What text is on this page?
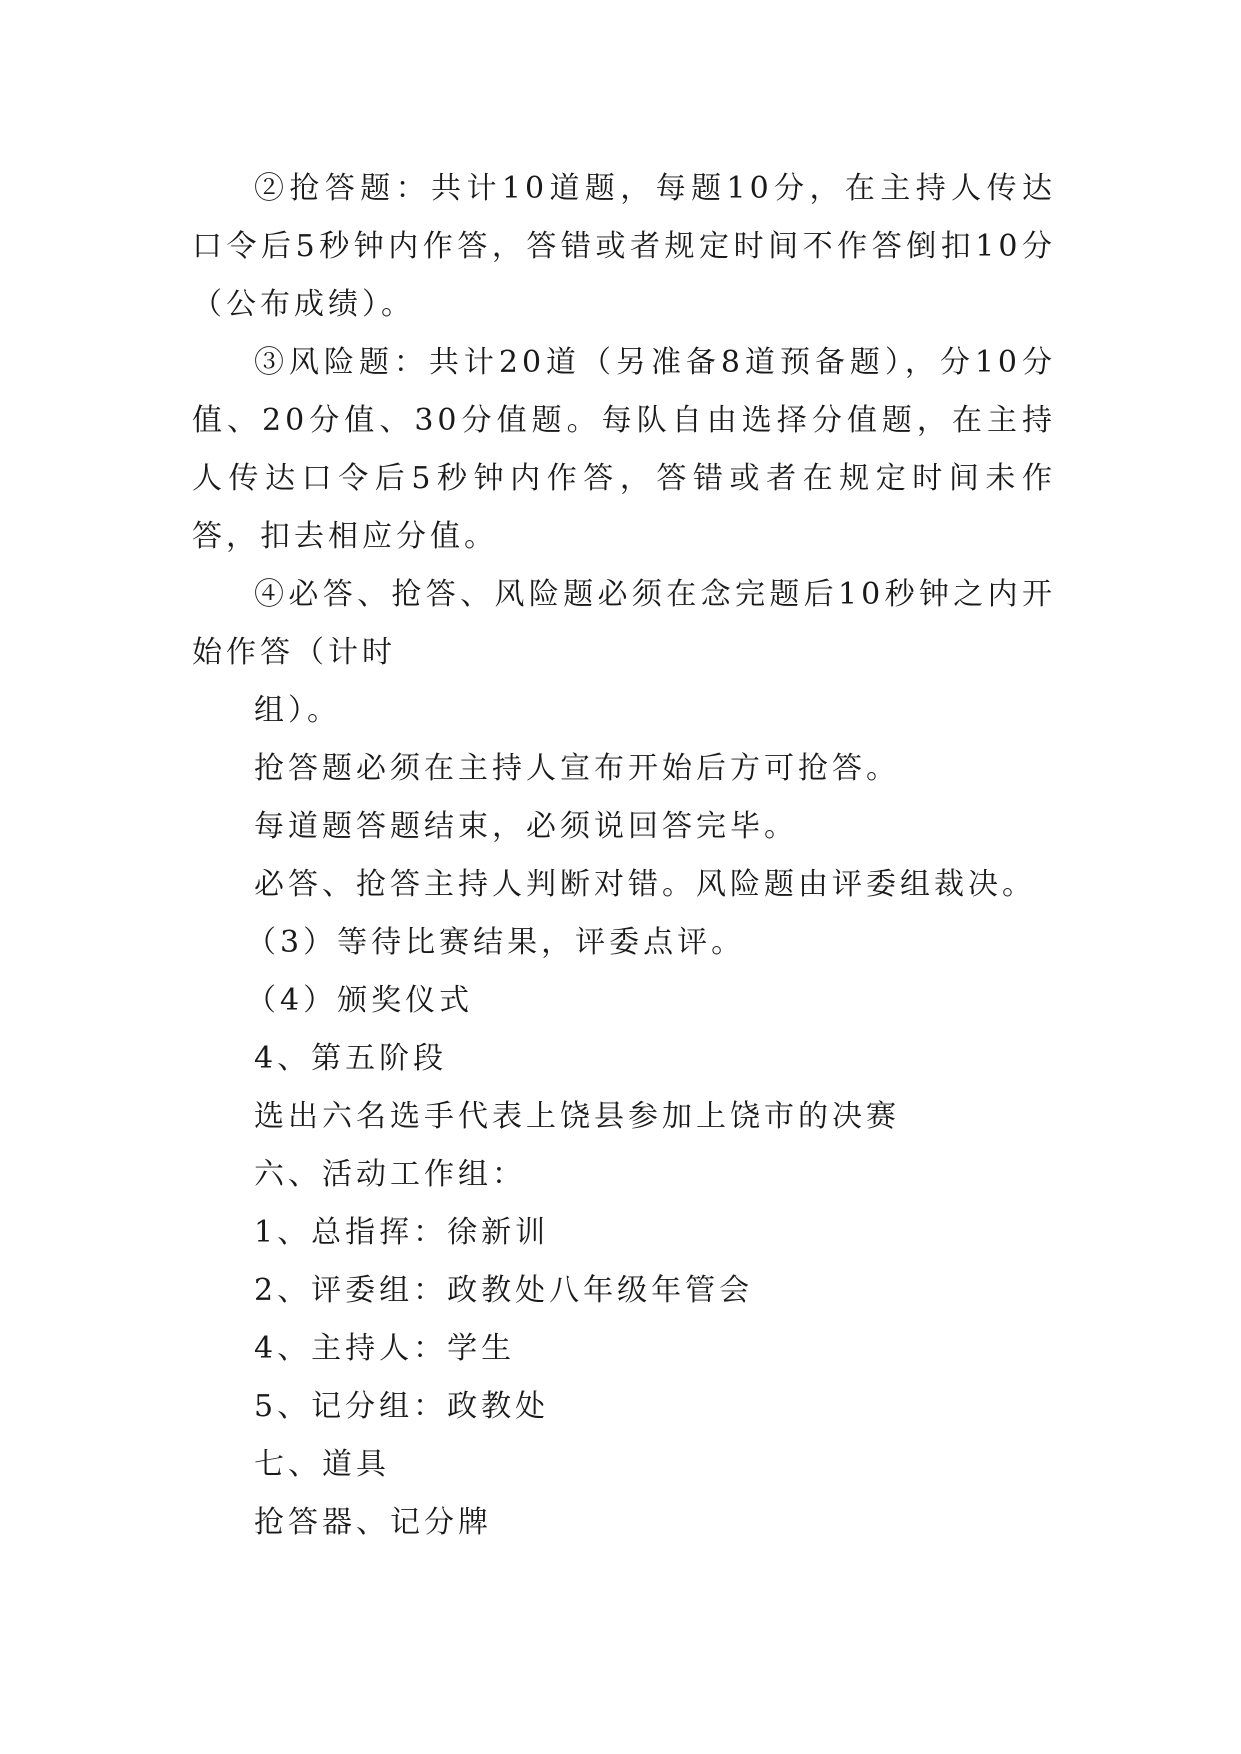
②抢答题：共计10道题，每题10分，在主持人传达口令后5秒钟内作答，答错或者规定时间不作答倒扣10分（公布成绩）。

③风险题：共计20道（另准备8道预备题），分10分值、20分值、30分值题。每队自由选择分值题，在主持人传达口令后5秒钟内作答，答错或者在规定时间未作答，扣去相应分值。

④必答、抢答、风险题必须在念完题后10秒钟之内开始作答（计时

组）。

抢答题必须在主持人宣布开始后方可抢答。

每道题答题结束，必须说回答完毕。

必答、抢答主持人判断对错。风险题由评委组裁决。

（3）等待比赛结果，评委点评。

（4）颁奖仪式

4、第五阶段

选出六名选手代表上饶县参加上饶市的决赛

六、活动工作组：

1、总指挥：徐新训

2、评委组：政教处八年级年管会

4、主持人：学生

5、记分组：政教处

七、道具

抢答器、记分牌
